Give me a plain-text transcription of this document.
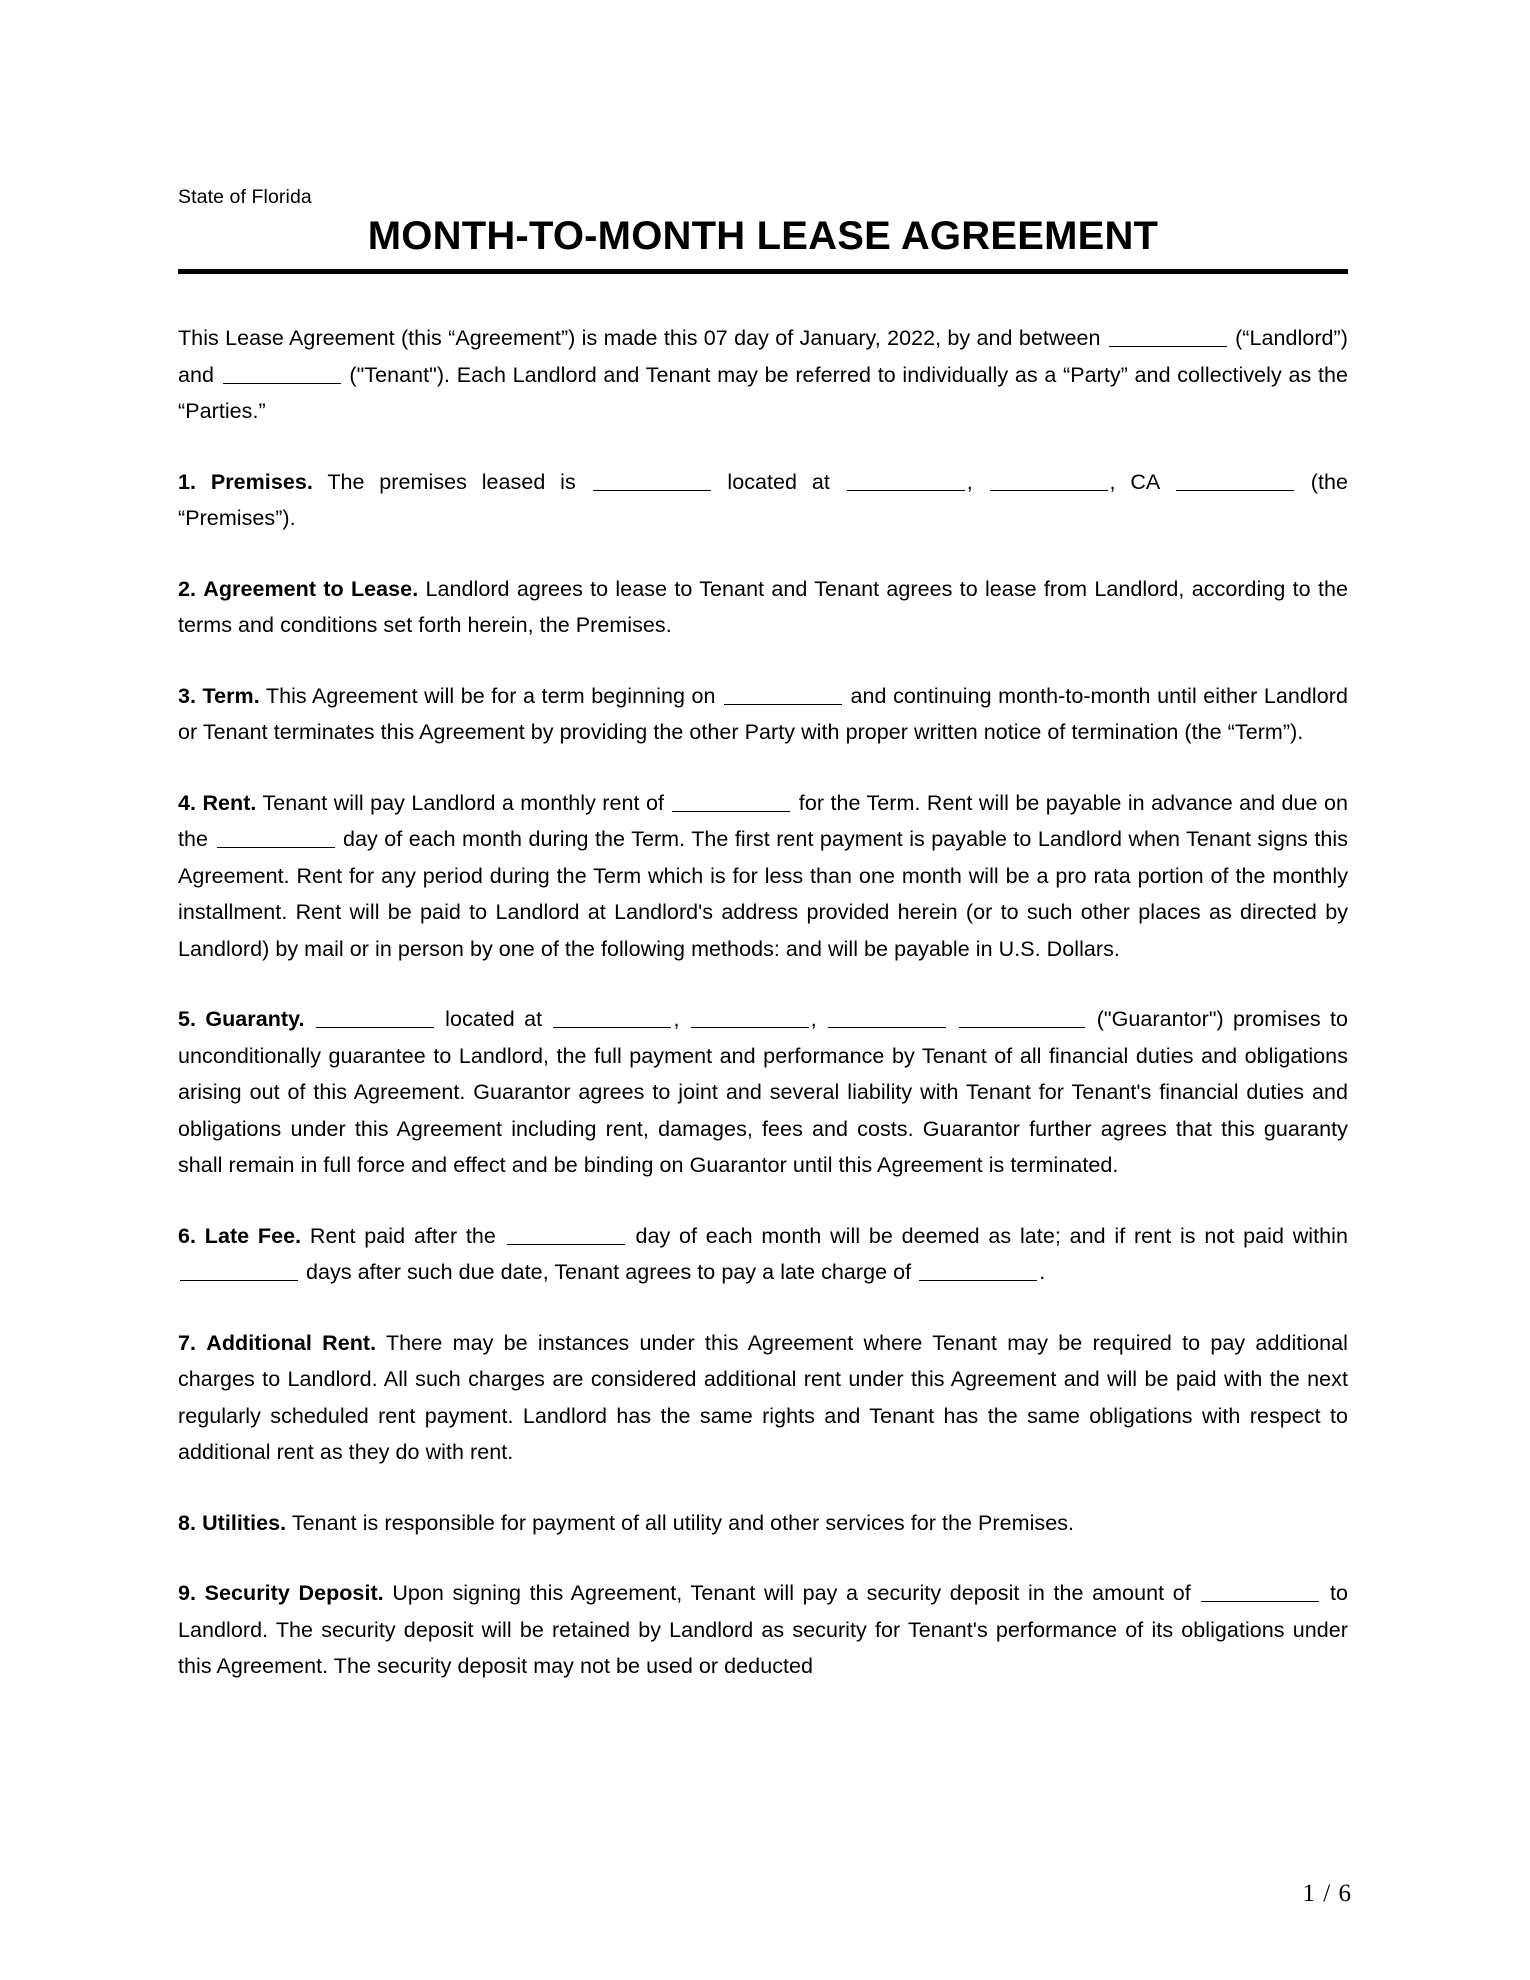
State of Florida
MONTH-TO-MONTH LEASE AGREEMENT

This Lease Agreement (this “Agreement”) is made this 07 day of January, 2022, by and between	(“Landlord”) and	("Tenant"). Each Landlord and Tenant may be referred to individually as a “Party” and collectively as the “Parties.”

1. Premises. The premises leased is	located at	,	, CA	(the “Premises”).

2. Agreement to Lease. Landlord agrees to lease to Tenant and Tenant agrees to lease from Landlord, according to the terms and conditions set forth herein, the Premises.

3. Term. This Agreement will be for a term beginning on	and continuing month-to-month until either Landlord or Tenant terminates this Agreement by providing the other Party with proper written notice of termination (the “Term”).

4. Rent. Tenant will pay Landlord a monthly rent of	for the Term. Rent will be payable in advance and due on the	day of each month during the Term. The first rent payment is payable to Landlord when Tenant signs this Agreement. Rent for any period during the Term which is for less than one month will be a pro rata portion of the monthly installment. Rent will be paid to Landlord at Landlord's address provided herein (or to such other places as directed by Landlord) by mail or in person by one of the following methods: and will be payable in U.S. Dollars.

5. Guaranty.	located at	,	,	("Guarantor") promises to unconditionally guarantee to Landlord, the full payment and performance by Tenant of all financial duties and obligations arising out of this Agreement. Guarantor agrees to joint and several liability with Tenant for Tenant's financial duties and obligations under this Agreement including rent, damages, fees and costs. Guarantor further agrees that this guaranty shall remain in full force and effect and be binding on Guarantor until this Agreement is terminated.

6. Late Fee. Rent paid after the	day of each month will be deemed as late; and if rent is not paid within  days after such due date, Tenant agrees to pay a late charge of	.

7. Additional Rent. There may be instances under this Agreement where Tenant may be required to pay additional charges to Landlord. All such charges are considered additional rent under this Agreement and will be paid with the next regularly scheduled rent payment. Landlord has the same rights and Tenant has the same obligations with respect to additional rent as they do with rent.

8. Utilities. Tenant is responsible for payment of all utility and other services for the Premises.

9. Security Deposit. Upon signing this Agreement, Tenant will pay a security deposit in the amount of	to Landlord. The security deposit will be retained by Landlord as security for Tenant's performance of its obligations under this Agreement. The security deposit may not be used or deducted

1 / 6
